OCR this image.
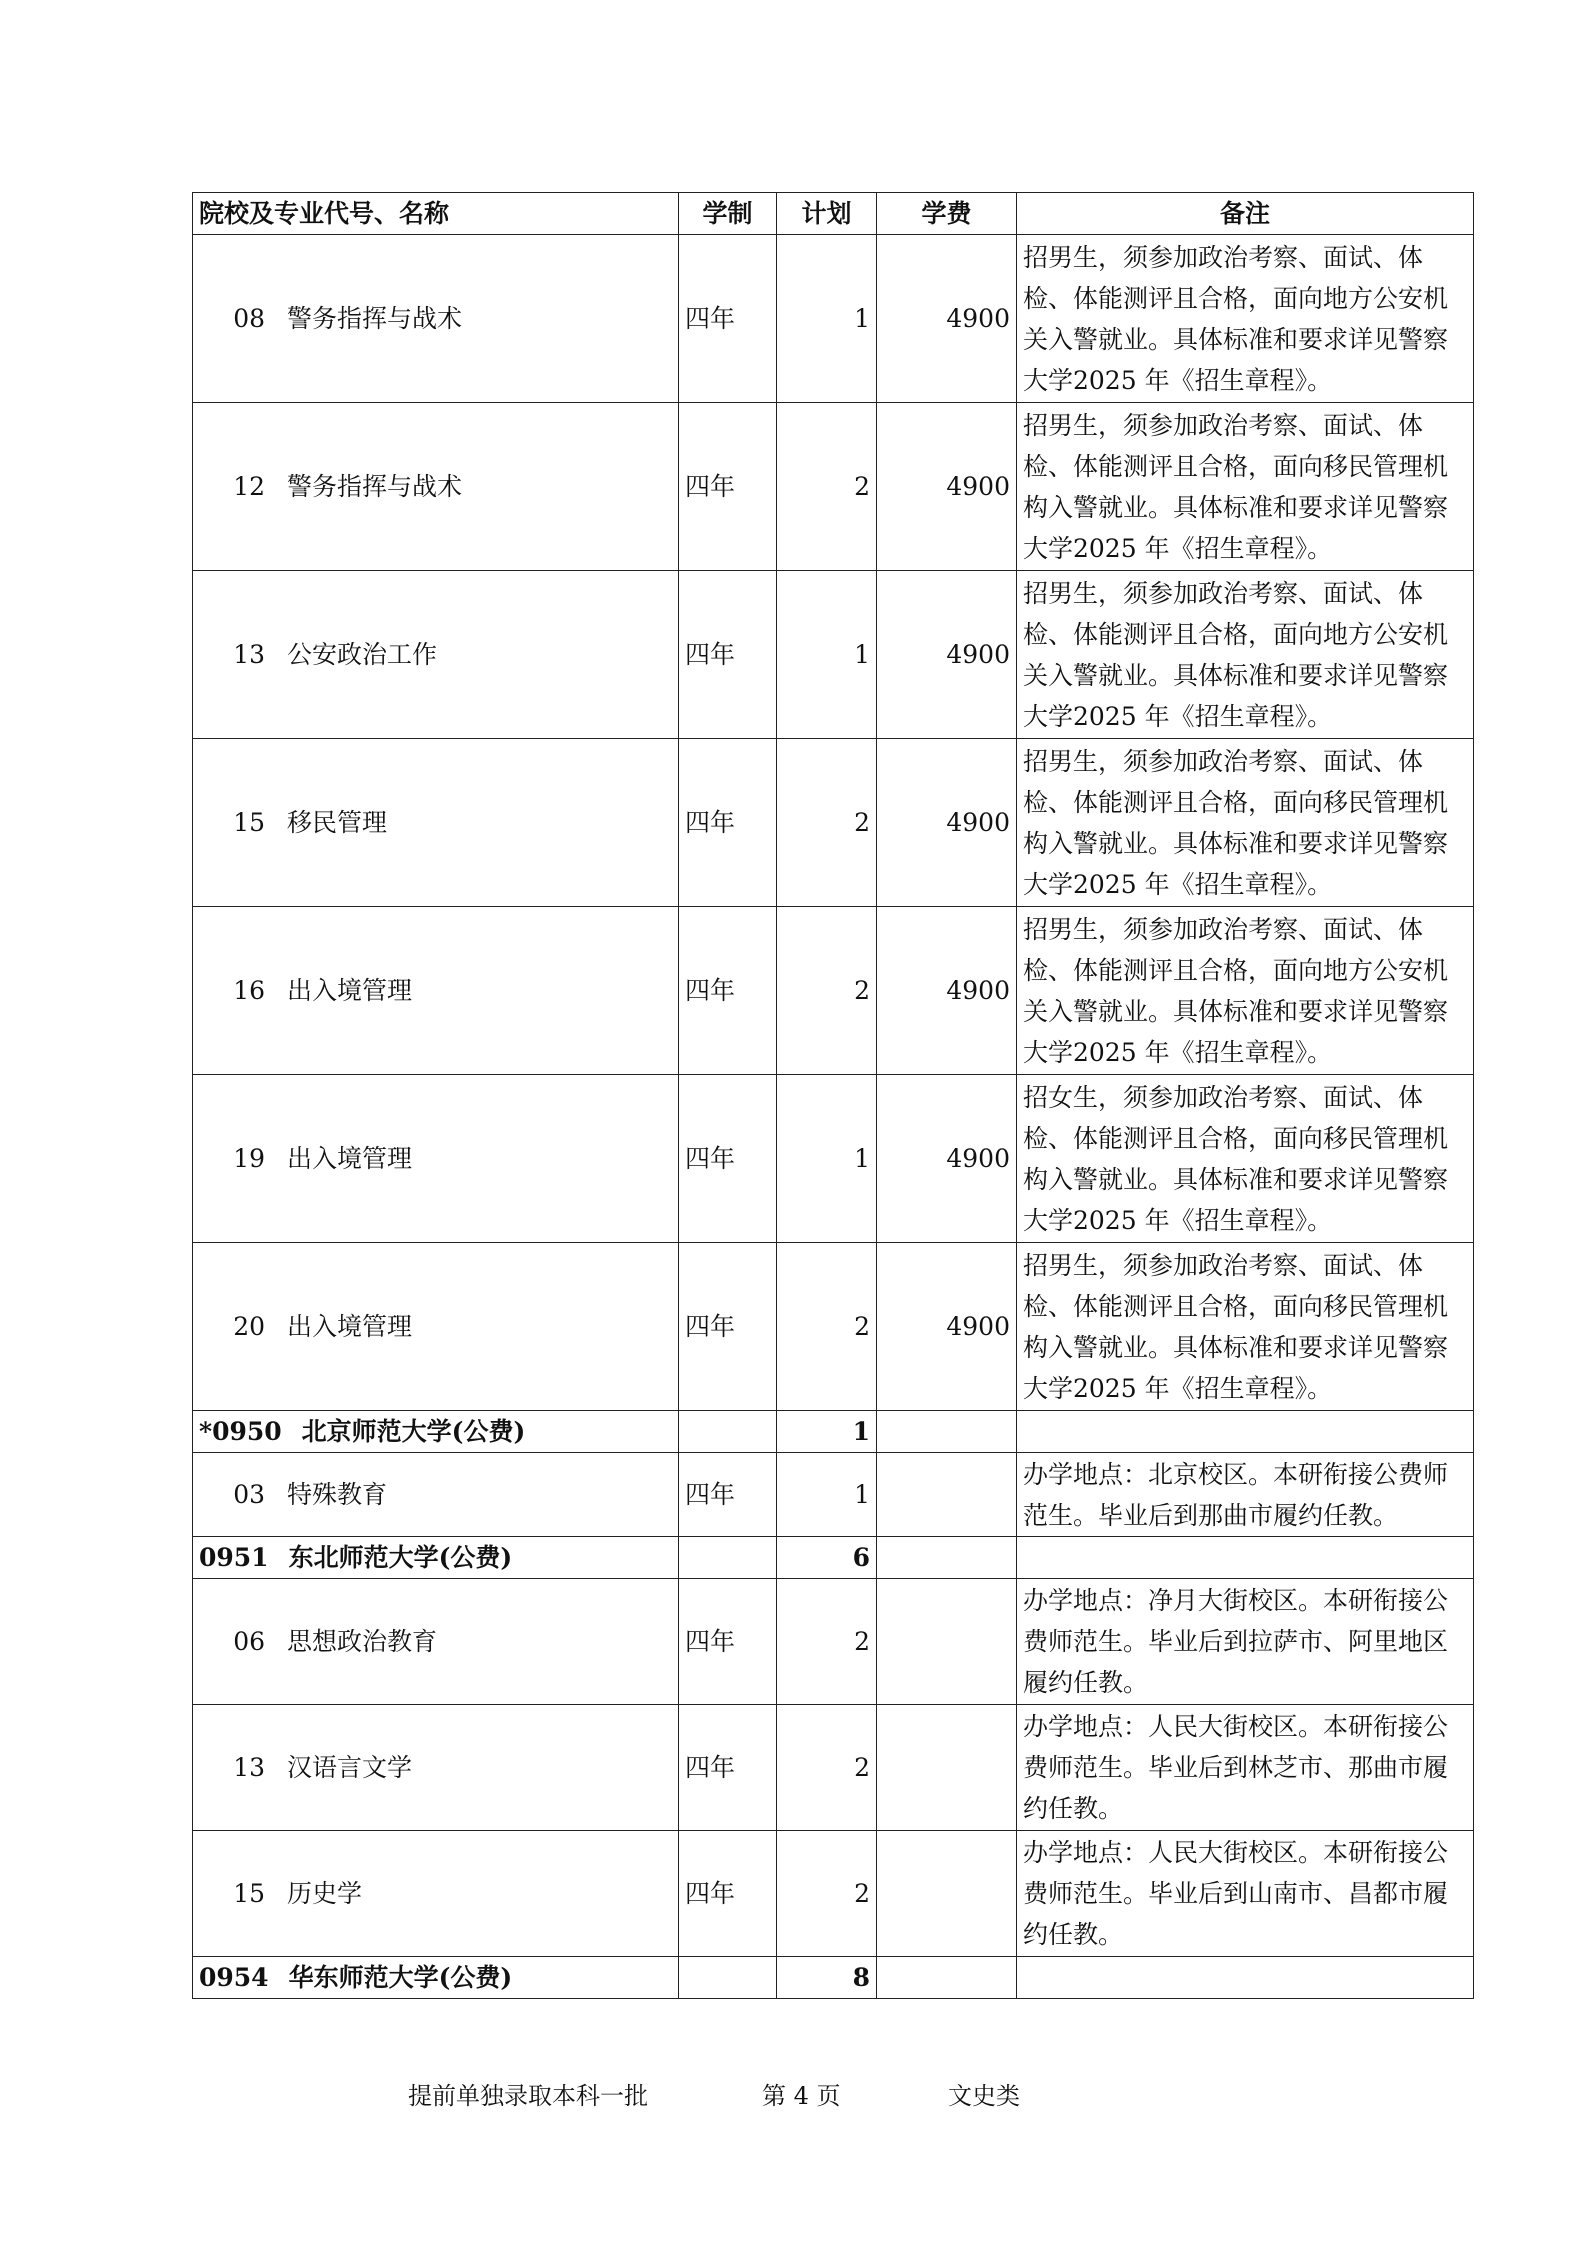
院校及专业代号、名称	学制	计划	学费	备注
08 警务指挥与战术	四年	1	4900	招男生，须参加政治考察、面试、体检、体能测评且合格，面向地方公安机关入警就业。具体标准和要求详见警察大学2025 年《招生章程》。
12 警务指挥与战术	四年	2	4900	招男生，须参加政治考察、面试、体检、体能测评且合格，面向移民管理机构入警就业。具体标准和要求详见警察大学2025 年《招生章程》。
13 公安政治工作	四年	1	4900	招男生，须参加政治考察、面试、体检、体能测评且合格，面向地方公安机关入警就业。具体标准和要求详见警察大学2025 年《招生章程》。
15 移民管理	四年	2	4900	招男生，须参加政治考察、面试、体检、体能测评且合格，面向移民管理机构入警就业。具体标准和要求详见警察大学2025 年《招生章程》。
16 出入境管理	四年	2	4900	招男生，须参加政治考察、面试、体检、体能测评且合格，面向地方公安机关入警就业。具体标准和要求详见警察大学2025 年《招生章程》。
19 出入境管理	四年	1	4900	招女生，须参加政治考察、面试、体检、体能测评且合格，面向移民管理机构入警就业。具体标准和要求详见警察大学2025 年《招生章程》。
20 出入境管理	四年	2	4900	招男生，须参加政治考察、面试、体检、体能测评且合格，面向移民管理机构入警就业。具体标准和要求详见警察大学2025 年《招生章程》。
*0950 北京师范大学(公费)		1		
03 特殊教育	四年	1		办学地点：北京校区。本研衔接公费师范生。毕业后到那曲市履约任教。
0951 东北师范大学(公费)		6		
06 思想政治教育	四年	2		办学地点：净月大街校区。本研衔接公费师范生。毕业后到拉萨市、阿里地区履约任教。
13 汉语言文学	四年	2		办学地点：人民大街校区。本研衔接公费师范生。毕业后到林芝市、那曲市履约任教。
15 历史学	四年	2		办学地点：人民大街校区。本研衔接公费师范生。毕业后到山南市、昌都市履约任教。
0954 华东师范大学(公费)		8		
提前单独录取本科一批	第 4 页	文史类
